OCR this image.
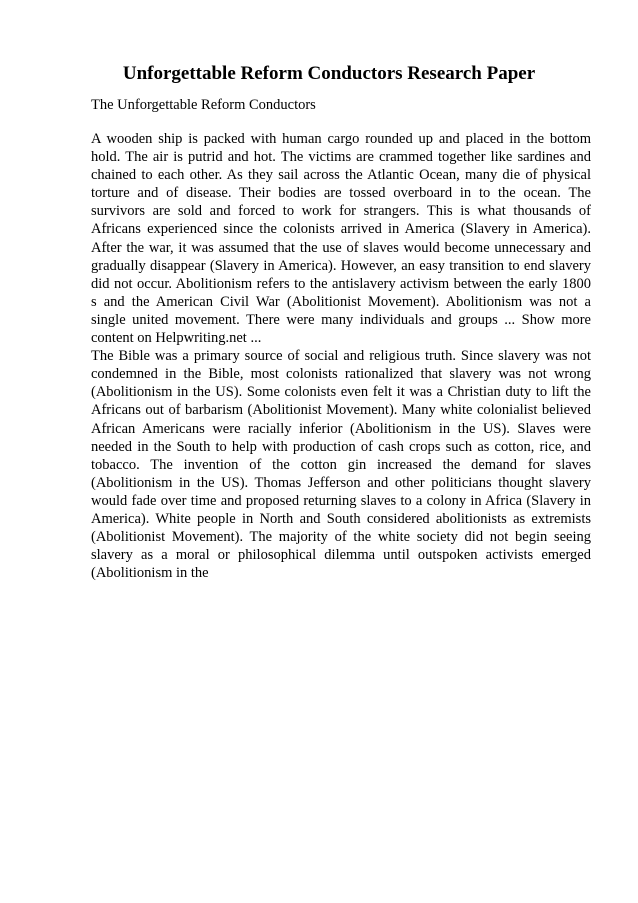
Unforgettable Reform Conductors Research Paper

The Unforgettable Reform Conductors

A wooden ship is packed with human cargo rounded up and placed in the bottom
hold. The air is putrid and hot. The victims are crammed together like sardines and
chained to each other. As they sail across the Atlantic Ocean, many die of physical
torture and of disease. Their bodies are tossed overboard in to the ocean. The
survivors are sold and forced to work for strangers. This is what thousands of
Africans experienced since the colonists arrived in America (Slavery in America).
After the war, it was assumed that the use of slaves would become unnecessary and
gradually disappear (Slavery in America). However, an easy transition to end slavery
did not occur. Abolitionism refers to the antislavery activism between the early 1800
s and the American Civil War (Abolitionist Movement). Abolitionism was not a
single united movement. There were many individuals and groups ... Show more
content on Helpwriting.net ...
The Bible was a primary source of social and religious truth. Since slavery was not
condemned in the Bible, most colonists rationalized that slavery was not wrong
(Abolitionism in the US). Some colonists even felt it was a Christian duty to lift the
Africans out of barbarism (Abolitionist Movement). Many white colonialist believed
African Americans were racially inferior (Abolitionism in the US). Slaves were
needed in the South to help with production of cash crops such as cotton, rice, and
tobacco. The invention of the cotton gin increased the demand for slaves
(Abolitionism in the US). Thomas Jefferson and other politicians thought slavery
would fade over time and proposed returning slaves to a colony in Africa (Slavery in
America). White people in North and South considered abolitionists as extremists
(Abolitionist Movement). The majority of the white society did not begin seeing
slavery as a moral or philosophical dilemma until outspoken activists emerged
(Abolitionism in the
